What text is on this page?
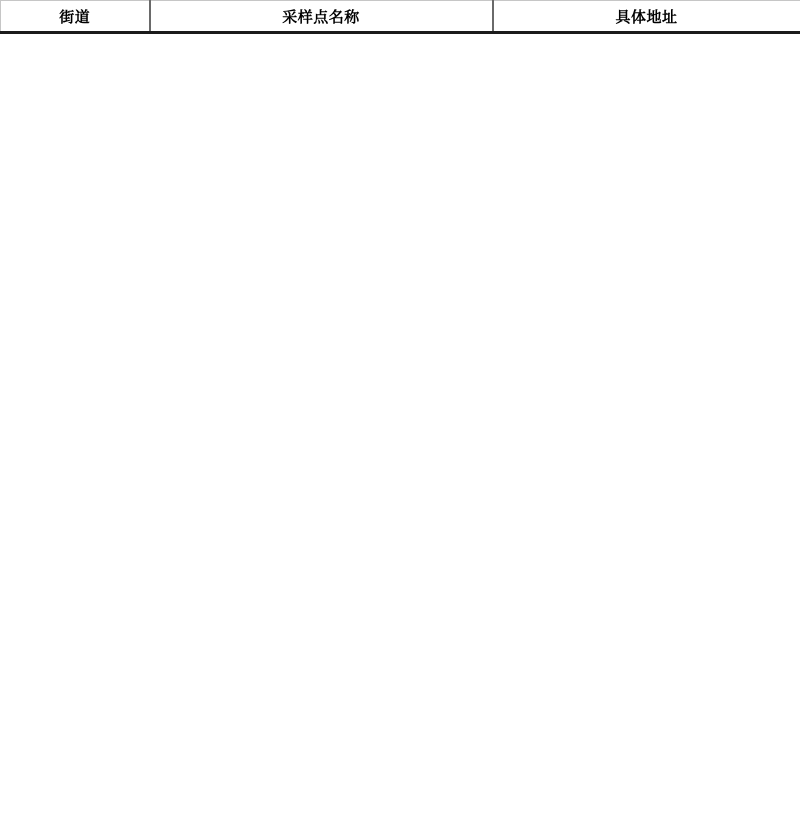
街道	采样点名称	具体地址
